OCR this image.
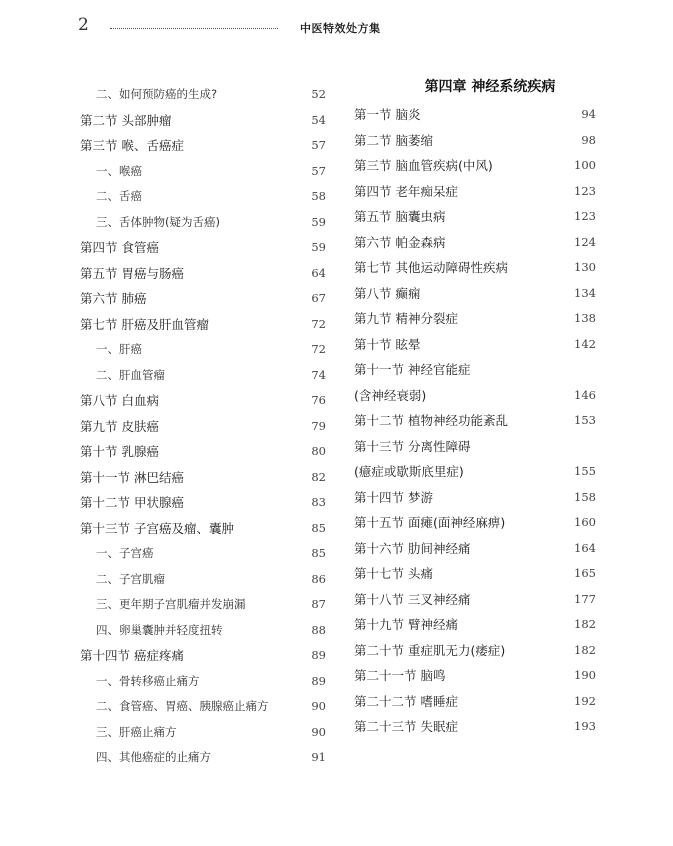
2	中医特效处方集
二、如何预防癌的生成?	52
第二节 头部肿瘤	54
第三节 喉、舌癌症	57
一、喉癌	57
二、舌癌	58
三、舌体肿物(疑为舌癌)	59
第四节 食管癌	59
第五节 胃癌与肠癌	64
第六节 肺癌	67
第七节 肝癌及肝血管瘤	72
一、肝癌	72
二、肝血管瘤	74
第八节 白血病	76
第九节 皮肤癌	79
第十节 乳腺癌	80
第十一节 淋巴结癌	82
第十二节 甲状腺癌	83
第十三节 子宫癌及瘤、囊肿	85
一、子宫癌	85
二、子宫肌瘤	86
三、更年期子宫肌瘤并发崩漏	87
四、卵巢囊肿并轻度扭转	88
第十四节 癌症疼痛	89
一、骨转移癌止痛方	89
二、食管癌、胃癌、胰腺癌止痛方	90
三、肝癌止痛方	90
四、其他癌症的止痛方	91
第四章 神经系统疾病
第一节 脑炎	94
第二节 脑萎缩	98
第三节 脑血管疾病(中风)	100
第四节 老年痴呆症	123
第五节 脑囊虫病	123
第六节 帕金森病	124
第七节 其他运动障碍性疾病	130
第八节 癫痫	134
第九节 精神分裂症	138
第十节 眩晕	142
第十一节 神经官能症
(含神经衰弱)	146
第十二节 植物神经功能紊乱	153
第十三节 分离性障碍
(癔症或歇斯底里症)	155
第十四节 梦游	158
第十五节 面瘫(面神经麻痹)	160
第十六节 肋间神经痛	164
第十七节 头痛	165
第十八节 三叉神经痛	177
第十九节 臂神经痛	182
第二十节 重症肌无力(痿症)	182
第二十一节 脑鸣	190
第二十二节 嗜睡症	192
第二十三节 失眠症	193
